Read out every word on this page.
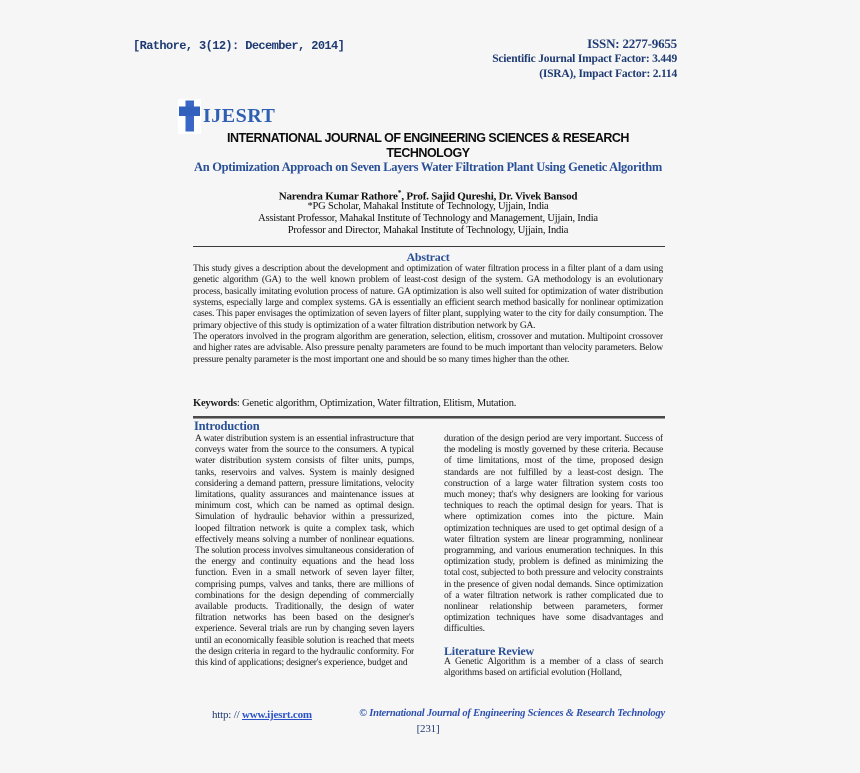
[Rathore, 3(12): December, 2014]	ISSN: 2277-9655
Scientific Journal Impact Factor: 3.449
(ISRA), Impact Factor: 2.114
IJESRT
INTERNATIONAL JOURNAL OF ENGINEERING SCIENCES & RESEARCH TECHNOLOGY
An Optimization Approach on Seven Layers Water Filtration Plant Using Genetic Algorithm
Narendra Kumar Rathore*, Prof. Sajid Qureshi, Dr. Vivek Bansod
*PG Scholar, Mahakal Institute of Technology, Ujjain, India
Assistant Professor, Mahakal Institute of Technology and Management, Ujjain, India
Professor and Director, Mahakal Institute of Technology, Ujjain, India
Abstract

This study gives a description about the development and optimization of water filtration process in a filter plant of a dam using genetic algorithm (GA) to the well known problem of least-cost design of the system. GA methodology is an evolutionary process, basically imitating evolution process of nature. GA optimization is also well suited for optimization of water distribution systems, especially large and complex systems. GA is essentially an efficient search method basically for nonlinear optimization cases. This paper envisages the optimization of seven layers of filter plant, supplying water to the city for daily consumption. The primary objective of this study is optimization of a water filtration distribution network by GA.

The operators involved in the program algorithm are generation, selection, elitism, crossover and mutation. Multipoint crossover and higher rates are advisable. Also pressure penalty parameters are found to be much important than velocity parameters. Below pressure penalty parameter is the most important one and should be so many times higher than the other.

Keywords: Genetic algorithm, Optimization, Water filtration, Elitism, Mutation.
Introduction

A water distribution system is an essential infrastructure that conveys water from the source to the consumers. A typical water distribution system consists of filter units, pumps, tanks, reservoirs and valves. System is mainly designed considering a demand pattern, pressure limitations, velocity limitations, quality assurances and maintenance issues at minimum cost, which can be named as optimal design. Simulation of hydraulic behavior within a pressurized, looped filtration network is quite a complex task, which effectively means solving a number of nonlinear equations. The solution process involves simultaneous consideration of the energy and continuity equations and the head loss function. Even in a small network of seven layer filter, comprising pumps, valves and tanks, there are millions of combinations for the design depending of commercially available products. Traditionally, the design of water filtration networks has been based on the designer's experience. Several trials are run by changing seven layers until an economically feasible solution is reached that meets the design criteria in regard to the hydraulic conformity. For this kind of applications; designer's experience, budget and

duration of the design period are very important. Success of the modeling is mostly governed by these criteria. Because of time limitations, most of the time, proposed design standards are not fulfilled by a least-cost design. The construction of a large water filtration system costs too much money; that's why designers are looking for various techniques to reach the optimal design for years. That is where optimization comes into the picture. Main optimization techniques are used to get optimal design of a water filtration system are linear programming, nonlinear programming, and various enumeration techniques. In this optimization study, problem is defined as minimizing the total cost, subjected to both pressure and velocity constraints in the presence of given nodal demands. Since optimization of a water filtration network is rather complicated due to nonlinear relationship between parameters, former optimization techniques have some disadvantages and difficulties.

Literature Review

A Genetic Algorithm is a member of a class of search algorithms based on artificial evolution (Holland,

http: // www.ijesrt.com	© International Journal of Engineering Sciences & Research Technology
[231]
